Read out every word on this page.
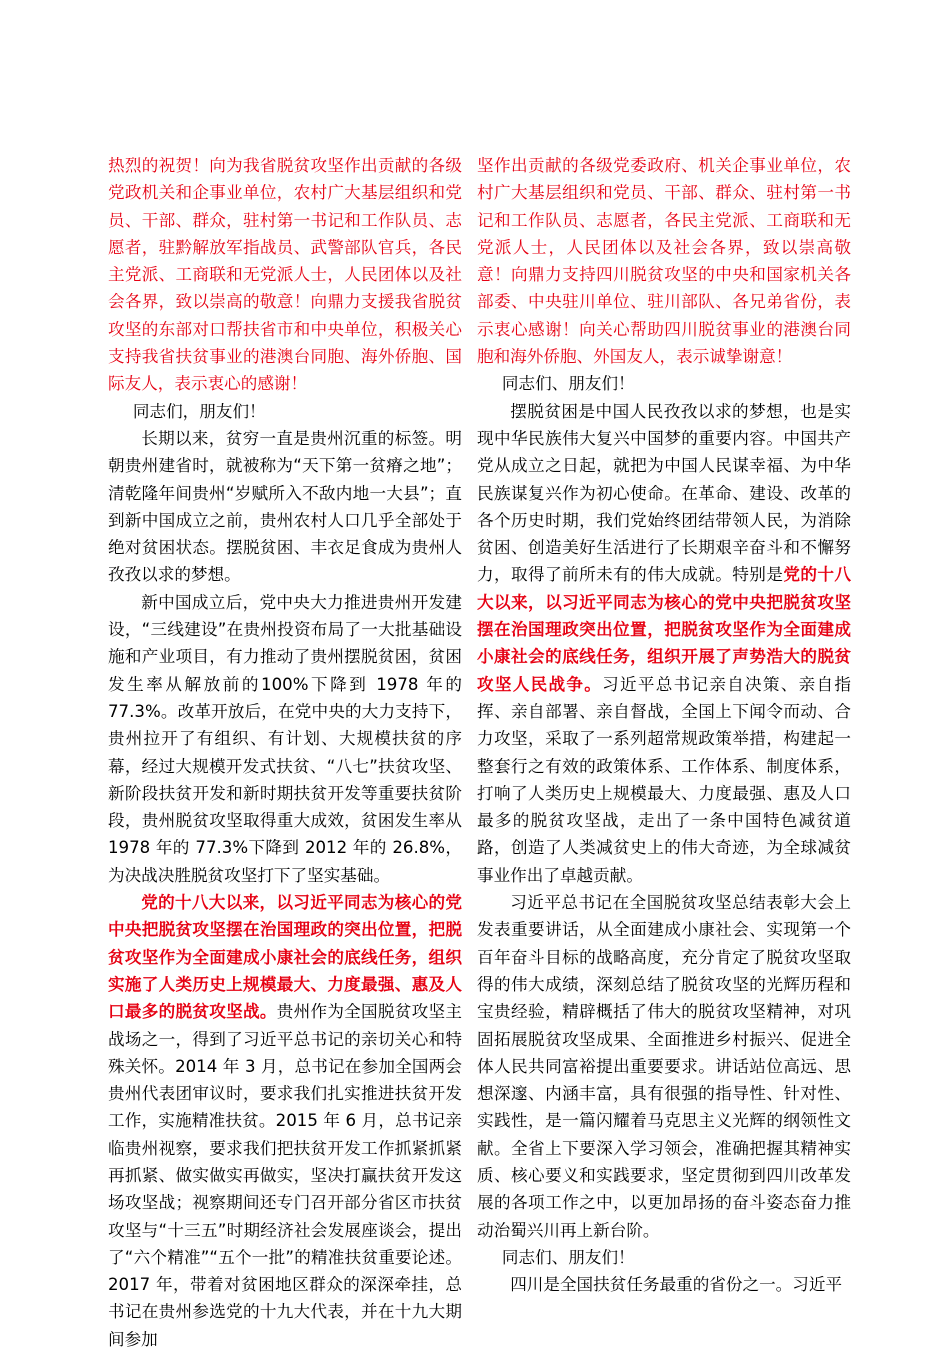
热烈的祝贺！向为我省脱贫攻坚作出贡献的各级党政机关和企事业单位，农村广大基层组织和党员、干部、群众，驻村第一书记和工作队员、志愿者，驻黔解放军指战员、武警部队官兵，各民主党派、工商联和无党派人士，人民团体以及社会各界，致以崇高的敬意！向鼎力支援我省脱贫攻坚的东部对口帮扶省市和中央单位，积极关心支持我省扶贫事业的港澳台同胞、海外侨胞、国际友人，表示衷心的感谢！

同志们，朋友们！

长期以来，贫穷一直是贵州沉重的标签。明朝贵州建省时，就被称为“天下第一贫瘠之地”；清乾隆年间贵州“岁赋所入不敌内地一大县”；直到新中国成立之前，贵州农村人口几乎全部处于绝对贫困状态。摆脱贫困、丰衣足食成为贵州人孜孜以求的梦想。

新中国成立后，党中央大力推进贵州开发建设，“三线建设”在贵州投资布局了一大批基础设施和产业项目，有力推动了贵州摆脱贫困，贫困发生率从解放前的100%下降到 1978 年的 77.3%。改革开放后，在党中央的大力支持下，贵州拉开了有组织、有计划、大规模扶贫的序幕，经过大规模开发式扶贫、“八七”扶贫攻坚、新阶段扶贫开发和新时期扶贫开发等重要扶贫阶段，贵州脱贫攻坚取得重大成效，贫困发生率从 1978 年的 77.3%下降到 2012 年的 26.8%，为决战决胜脱贫攻坚打下了坚实基础。

党的十八大以来，以习近平同志为核心的党中央把脱贫攻坚摆在治国理政的突出位置，把脱贫攻坚作为全面建成小康社会的底线任务，组织实施了人类历史上规模最大、力度最强、惠及人口最多的脱贫攻坚战。贵州作为全国脱贫攻坚主战场之一，得到了习近平总书记的亲切关心和特殊关怀。2014 年 3 月，总书记在参加全国两会贵州代表团审议时，要求我们扎实推进扶贫开发工作，实施精准扶贫。2015 年 6 月，总书记亲临贵州视察，要求我们把扶贫开发工作抓紧抓紧再抓紧、做实做实再做实，坚决打赢扶贫开发这场攻坚战；视察期间还专门召开部分省区市扶贫攻坚与“十三五”时期经济社会发展座谈会，提出了“六个精准”“五个一批”的精准扶贫重要论述。2017 年，带着对贫困地区群众的深深牵挂，总书记在贵州参选党的十九大代表，并在十九大期间参加

坚作出贡献的各级党委政府、机关企事业单位，农村广大基层组织和党员、干部、群众、驻村第一书记和工作队员、志愿者，各民主党派、工商联和无党派人士，人民团体以及社会各界，致以崇高敬意！向鼎力支持四川脱贫攻坚的中央和国家机关各部委、中央驻川单位、驻川部队、各兄弟省份，表示衷心感谢！向关心帮助四川脱贫事业的港澳台同胞和海外侨胞、外国友人，表示诚挚谢意！

同志们、朋友们！

摆脱贫困是中国人民孜孜以求的梦想，也是实现中华民族伟大复兴中国梦的重要内容。中国共产党从成立之日起，就把为中国人民谋幸福、为中华民族谋复兴作为初心使命。在革命、建设、改革的各个历史时期，我们党始终团结带领人民，为消除贫困、创造美好生活进行了长期艰辛奋斗和不懈努力，取得了前所未有的伟大成就。特别是党的十八大以来，以习近平同志为核心的党中央把脱贫攻坚摆在治国理政突出位置，把脱贫攻坚作为全面建成小康社会的底线任务，组织开展了声势浩大的脱贫攻坚人民战争。习近平总书记亲自决策、亲自指挥、亲自部署、亲自督战，全国上下闻令而动、合力攻坚，采取了一系列超常规政策举措，构建起一整套行之有效的政策体系、工作体系、制度体系，打响了人类历史上规模最大、力度最强、惠及人口最多的脱贫攻坚战，走出了一条中国特色减贫道路，创造了人类减贫史上的伟大奇迹，为全球减贫事业作出了卓越贡献。

习近平总书记在全国脱贫攻坚总结表彰大会上发表重要讲话，从全面建成小康社会、实现第一个百年奋斗目标的战略高度，充分肯定了脱贫攻坚取得的伟大成绩，深刻总结了脱贫攻坚的光辉历程和宝贵经验，精辟概括了伟大的脱贫攻坚精神，对巩固拓展脱贫攻坚成果、全面推进乡村振兴、促进全体人民共同富裕提出重要要求。讲话站位高远、思想深邃、内涵丰富，具有很强的指导性、针对性、实践性，是一篇闪耀着马克思主义光辉的纲领性文献。全省上下要深入学习领会，准确把握其精神实质、核心要义和实践要求，坚定贯彻到四川改革发展的各项工作之中，以更加昂扬的奋斗姿态奋力推动治蜀兴川再上新台阶。

同志们、朋友们！

四川是全国扶贫任务最重的省份之一。习近平
